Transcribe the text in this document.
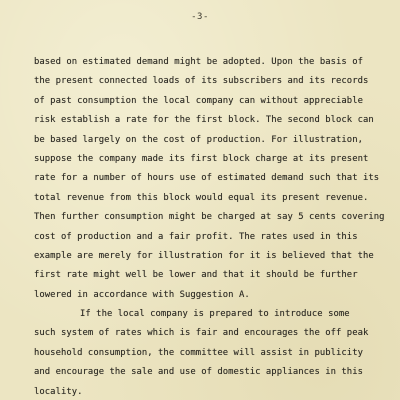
-3-
based on estimated demand might be adopted. Upon the basis of
the present connected loads of its subscribers and its records
of past consumption the local company can without appreciable
risk establish a rate for the first block. The second block can
be based largely on the cost of production. For illustration,
suppose the company made its first block charge at its present
rate for a number of hours use of estimated demand such that its
total revenue from this block would equal its present revenue.
Then further consumption might be charged at say 5 cents covering
cost of production and a fair profit. The rates used in this
example are merely for illustration for it is believed that the
first rate might well be lower and that it should be further
lowered in accordance with Suggestion A.
If the local company is prepared to introduce some
such system of rates which is fair and encourages the off peak
household consumption, the committee will assist in publicity
and encourage the sale and use of domestic appliances in this
locality.
